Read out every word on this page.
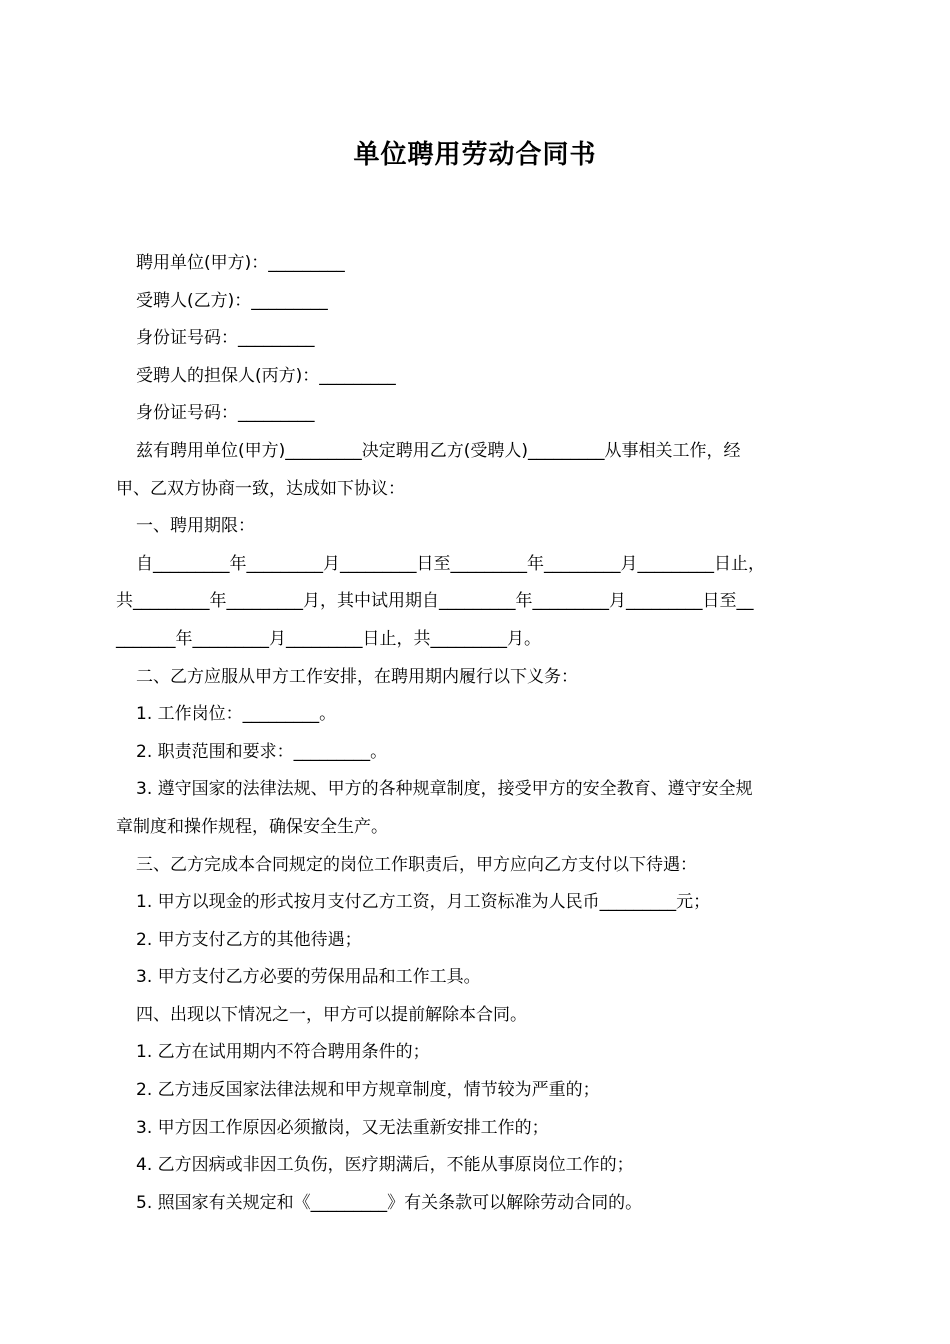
单位聘用劳动合同书

聘用单位(甲方)：_________

受聘人(乙方)：_________

身份证号码：_________

受聘人的担保人(丙方)：_________

身份证号码：_________

兹有聘用单位(甲方)_________决定聘用乙方(受聘人)_________从事相关工作，经

甲、乙双方协商一致，达成如下协议：

一、聘用期限：

自_________年_________月_________日至_________年_________月_________日止，

共_________年_________月，其中试用期自_________年_________月_________日至__

_______年_________月_________日止，共_________月。

二、乙方应服从甲方工作安排，在聘用期内履行以下义务：

1. 工作岗位：_________。

2. 职责范围和要求：_________。

3. 遵守国家的法律法规、甲方的各种规章制度，接受甲方的安全教育、遵守安全规

章制度和操作规程，确保安全生产。

三、乙方完成本合同规定的岗位工作职责后，甲方应向乙方支付以下待遇：

1. 甲方以现金的形式按月支付乙方工资，月工资标准为人民币_________元；

2. 甲方支付乙方的其他待遇；

3. 甲方支付乙方必要的劳保用品和工作工具。

四、出现以下情况之一，甲方可以提前解除本合同。

1. 乙方在试用期内不符合聘用条件的；

2. 乙方违反国家法律法规和甲方规章制度，情节较为严重的；

3. 甲方因工作原因必须撤岗，又无法重新安排工作的；

4. 乙方因病或非因工负伤，医疗期满后，不能从事原岗位工作的；

5. 照国家有关规定和《_________》有关条款可以解除劳动合同的。
